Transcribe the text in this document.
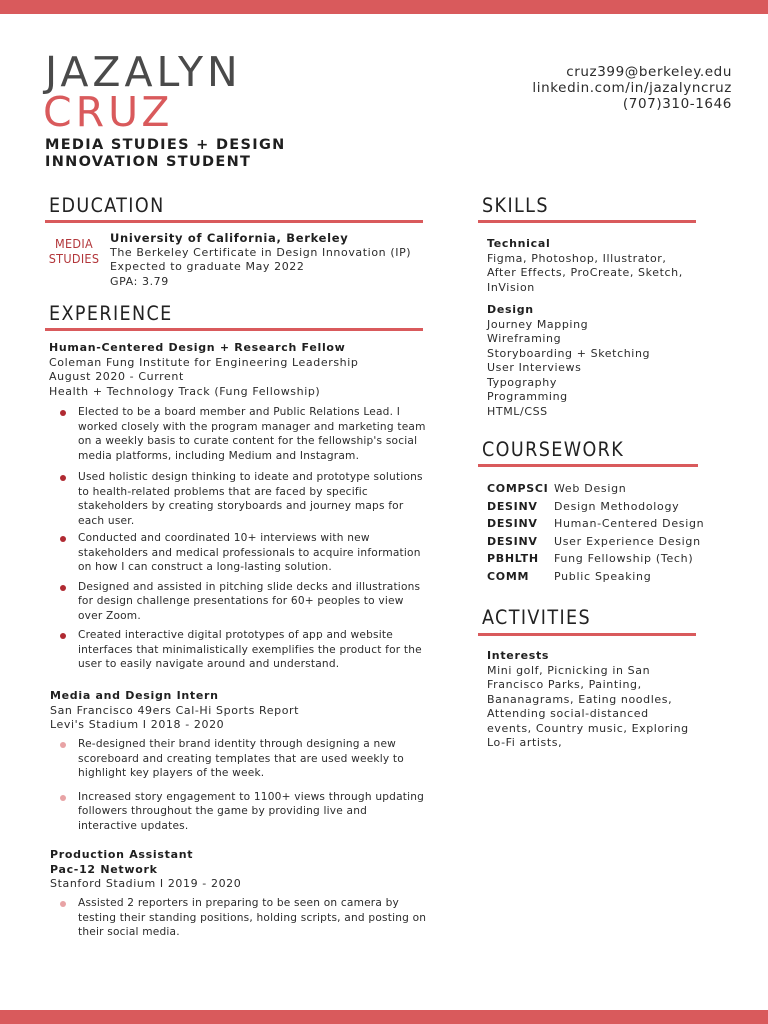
JAZALYN
CRUZ
MEDIA STUDIES + DESIGN
INNOVATION STUDENT
cruz399@berkeley.edu
linkedin.com/in/jazalyncruz
(707)310-1646
EDUCATION
MEDIA
STUDIES
University of California, Berkeley
The Berkeley Certificate in Design Innovation (IP)
Expected to graduate May 2022
GPA: 3.79
EXPERIENCE
Human-Centered Design + Research Fellow
Coleman Fung Institute for Engineering Leadership
August 2020 - Current
Health + Technology Track (Fung Fellowship)
Elected to be a board member and Public Relations Lead. I worked closely with the program manager and marketing team on a weekly basis to curate content for the fellowship's social media platforms, including Medium and Instagram.
Used holistic design thinking to ideate and prototype solutions to health-related problems that are faced by specific stakeholders by creating storyboards and journey maps for each user.
Conducted and coordinated 10+ interviews with new stakeholders and medical professionals to acquire information on how I can construct a long-lasting solution.
Designed and assisted in pitching slide decks and illustrations for design challenge presentations for 60+ peoples to view over Zoom.
Created interactive digital prototypes of app and website interfaces that minimalistically exemplifies the product for the user to easily navigate around and understand.
Media and Design Intern
San Francisco 49ers Cal-Hi Sports Report
Levi's Stadium I 2018 - 2020
Re-designed their brand identity through designing a new scoreboard and creating templates that are used weekly to highlight key players of the week.
Increased story engagement to 1100+ views through updating followers throughout the game by providing live and interactive updates.
Production Assistant
Pac-12 Network
Stanford Stadium I 2019 - 2020
Assisted 2 reporters in preparing to be seen on camera by testing their standing positions, holding scripts, and posting on their social media.
SKILLS
Technical
Figma, Photoshop, Illustrator,
After Effects, ProCreate, Sketch,
InVision
Design
Journey Mapping
Wireframing
Storyboarding + Sketching
User Interviews
Typography
Programming
HTML/CSS
COURSEWORK
COMPSCI Web Design
DESINV	Design Methodology
DESINV	Human-Centered Design
DESINV	User Experience Design
PBHLTH	Fung Fellowship (Tech)
COMM	Public Speaking
ACTIVITIES
Interests
Mini golf, Picnicking in San
Francisco Parks, Painting,
Bananagrams, Eating noodles,
Attending social-distanced
events, Country music, Exploring
Lo-Fi artists,
